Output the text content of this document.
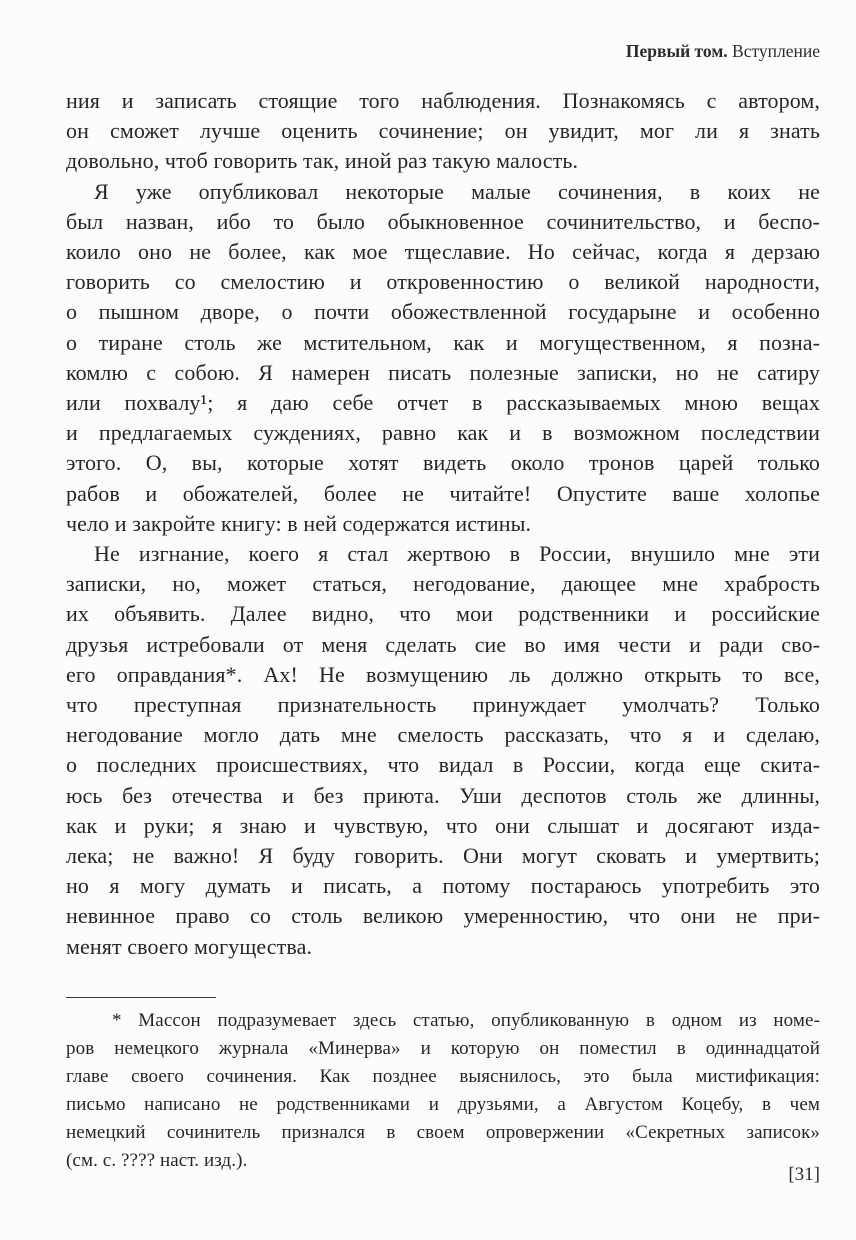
Первый том. Вступление
ния и записать стоящие того наблюдения. Познакомясь с автором,
он сможет лучше оценить сочинение; он увидит, мог ли я знать
довольно, чтоб говорить так, иной раз такую малость.
Я уже опубликовал некоторые малые сочинения, в коих не
был назван, ибо то было обыкновенное сочинительство, и беспо-
коило оно не более, как мое тщеславие. Но сейчас, когда я дерзаю
говорить со смелостию и откровенностию о великой народности,
о пышном дворе, о почти обожествленной государыне и особенно
о тиране столь же мстительном, как и могущественном, я позна-
комлю с собою. Я намерен писать полезные записки, но не сатиру
или похвалу¹; я даю себе отчет в рассказываемых мною вещах
и предлагаемых суждениях, равно как и в возможном последствии
этого. О, вы, которые хотят видеть около тронов царей только
рабов и обожателей, более не читайте! Опустите ваше холопье
чело и закройте книгу: в ней содержатся истины.
Не изгнание, коего я стал жертвою в России, внушило мне эти
записки, но, может статься, негодование, дающее мне храбрость
их объявить. Далее видно, что мои родственники и российские
друзья истребовали от меня сделать сие во имя чести и ради сво-
его оправдания*. Ах! Не возмущению ль должно открыть то все,
что преступная признательность принуждает умолчать? Только
негодование могло дать мне смелость рассказать, что я и сделаю,
о последних происшествиях, что видал в России, когда еще скита-
юсь без отечества и без приюта. Уши деспотов столь же длинны,
как и руки; я знаю и чувствую, что они слышат и досягают изда-
лека; не важно! Я буду говорить. Они могут сковать и умертвить;
но я могу думать и писать, а потому постараюсь употребить это
невинное право со столь великою умеренностию, что они не при-
менят своего могущества.
* Массон подразумевает здесь статью, опубликованную в одном из номе-
ров немецкого журнала «Минерва» и которую он поместил в одиннадцатой
главе своего сочинения. Как позднее выяснилось, это была мистификация:
письмо написано не родственниками и друзьями, а Августом Коцебу, в чем
немецкий сочинитель признался в своем опровержении «Секретных записок»
(см. с. ???? наст. изд.).
[31]
